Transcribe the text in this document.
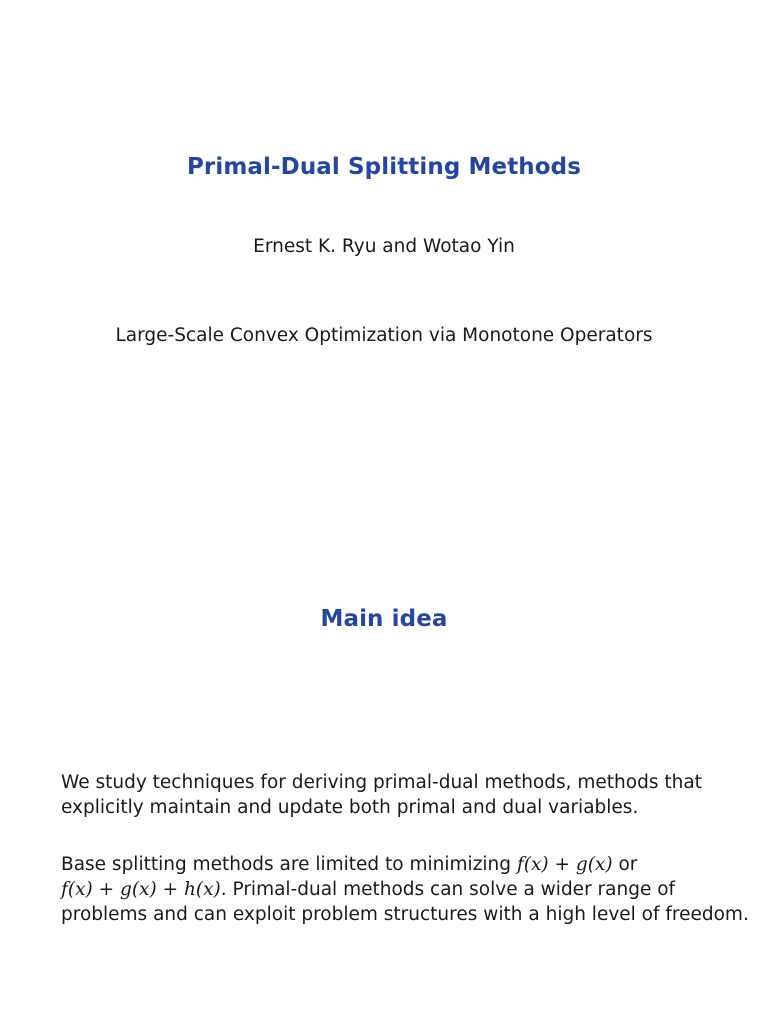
Primal-Dual Splitting Methods
Ernest K. Ryu and Wotao Yin
Large-Scale Convex Optimization via Monotone Operators
Main idea
We study techniques for deriving primal-dual methods, methods that
explicitly maintain and update both primal and dual variables.
Base splitting methods are limited to minimizing f(x) + g(x) or
f(x) + g(x) + h(x). Primal-dual methods can solve a wider range of
problems and can exploit problem structures with a high level of freedom.
